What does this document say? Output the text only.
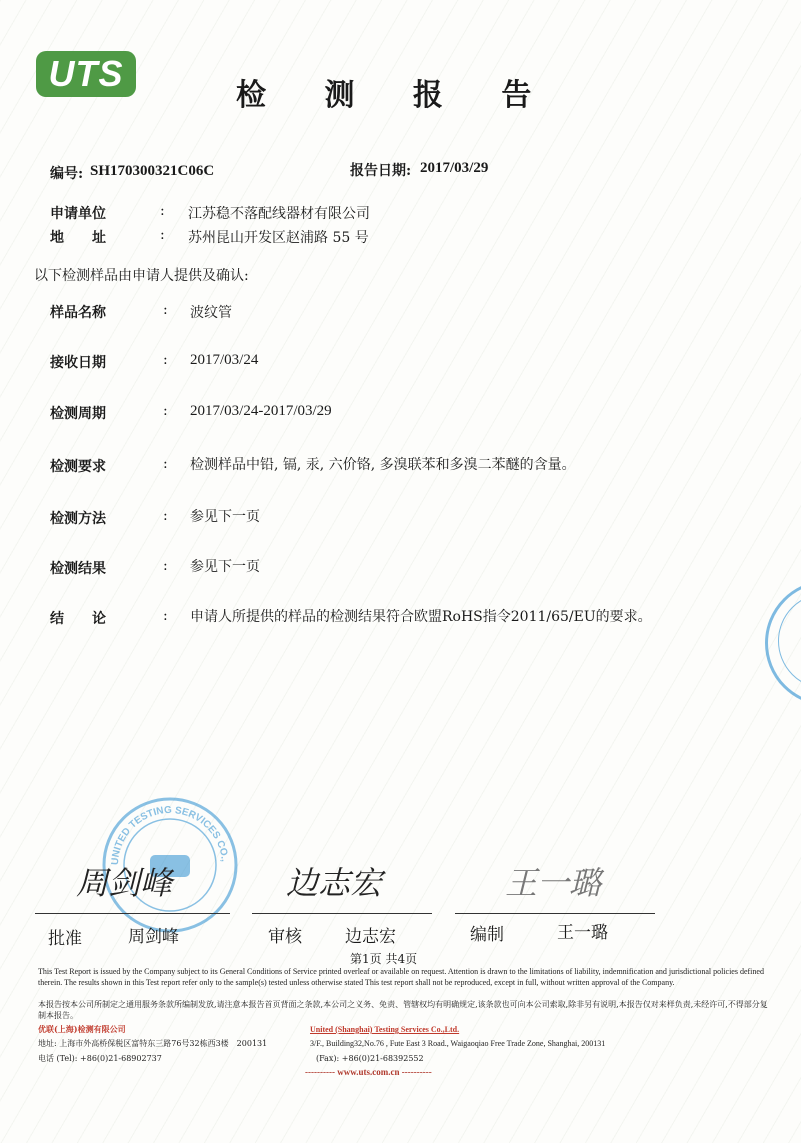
UTS
检 测 报 告
编号: SH170300321C06C	报告日期: 2017/03/29
申请单位	: 江苏稳不落配线器材有限公司
地　　址	: 苏州昆山开发区赵浦路 55 号
以下检测样品由申请人提供及确认:
样品名称	: 波纹管
接收日期	: 2017/03/24
检测周期	: 2017/03/24-2017/03/29
检测要求	: 检测样品中铅, 镉, 汞, 六价铬, 多溴联苯和多溴二苯醚的含量。
检测方法	: 参见下一页
检测结果	: 参见下一页
结　　论	: 申请人所提供的样品的检测结果符合欧盟RoHS指令2011/65/EU的要求。
UNITED TESTING SERVICES CO.,
周剑峰	边志宏	王一璐
批准	周剑峰	审核	边志宏	编制	王一璐
第1页 共4页
This Test Report is issued by the Company subject to its General Conditions of Service printed overleaf or available on request. Attention is drawn to the limitations of liability, indemnification and jurisdictional policies defined therein. The results shown in this Test report refer only to the sample(s) tested unless otherwise stated This test report shall not be reproduced, except in full, without written approval of the Company.
本报告按本公司所制定之通用服务条款所编制发放,请注意本报告首页背面之条款,本公司之义务、免责、管辖权均有明确规定,该条款也可向本公司索取,除非另有说明,本报告仅对来样负责,未经许可,不得部分复制本报告。
优联(上海)检测有限公司	United (Shanghai) Testing Services Co.,Ltd.
地址: 上海市外高桥保税区富特东三路76号32栋西3楼　200131	3/F., Building32,No.76 , Fute East 3 Road., Waigaoqiao Free Trade Zone, Shanghai, 200131
电话 (Tel): +86(0)21-68902737	(Fax): +86(0)21-68392552
---------- www.uts.com.cn ----------
